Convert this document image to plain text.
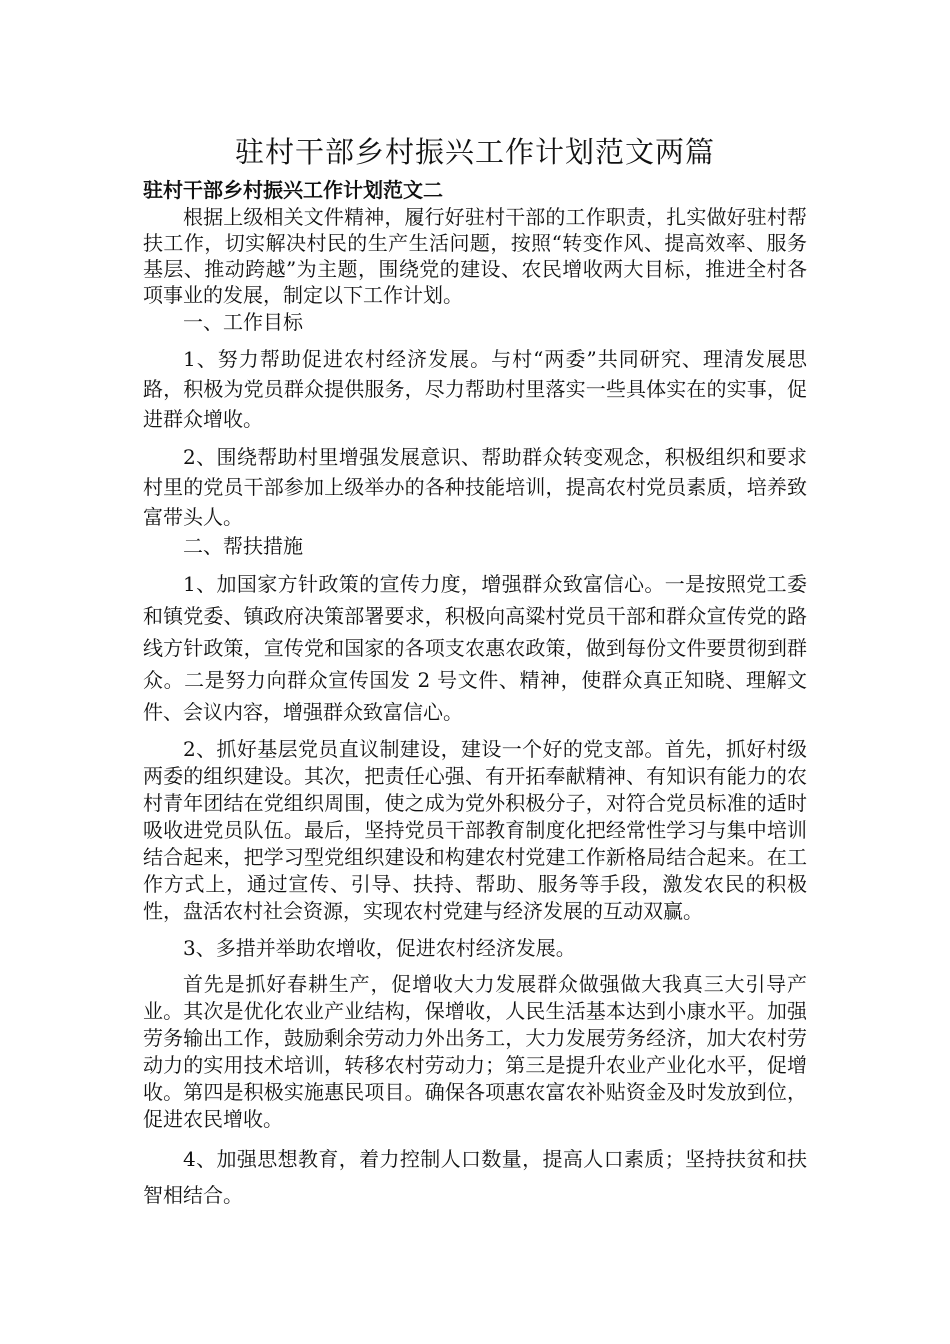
驻村干部乡村振兴工作计划范文两篇
驻村干部乡村振兴工作计划范文二

根据上级相关文件精神，履行好驻村干部的工作职责，扎实做好驻村帮扶工作，切实解决村民的生产生活问题，按照“转变作风、提高效率、服务基层、推动跨越”为主题，围绕党的建设、农民增收两大目标，推进全村各项事业的发展，制定以下工作计划。

一、工作目标

1、努力帮助促进农村经济发展。与村“两委”共同研究、理清发展思路，积极为党员群众提供服务，尽力帮助村里落实一些具体实在的实事，促进群众增收。

2、围绕帮助村里增强发展意识、帮助群众转变观念，积极组织和要求村里的党员干部参加上级举办的各种技能培训，提高农村党员素质，培养致富带头人。

二、帮扶措施

1、加国家方针政策的宣传力度，增强群众致富信心。一是按照党工委和镇党委、镇政府决策部署要求，积极向高粱村党员干部和群众宣传党的路线方针政策，宣传党和国家的各项支农惠农政策，做到每份文件要贯彻到群众。二是努力向群众宣传国发 2 号文件、精神，使群众真正知晓、理解文件、会议内容，增强群众致富信心。

2、抓好基层党员直议制建设，建设一个好的党支部。首先，抓好村级两委的组织建设。其次，把责任心强、有开拓奉献精神、有知识有能力的农村青年团结在党组织周围，使之成为党外积极分子，对符合党员标准的适时吸收进党员队伍。最后，坚持党员干部教育制度化把经常性学习与集中培训结合起来，把学习型党组织建设和构建农村党建工作新格局结合起来。在工作方式上，通过宣传、引导、扶持、帮助、服务等手段，激发农民的积极性，盘活农村社会资源，实现农村党建与经济发展的互动双赢。

3、多措并举助农增收，促进农村经济发展。

首先是抓好春耕生产，促增收大力发展群众做强做大我真三大引导产业。其次是优化农业产业结构，保增收，人民生活基本达到小康水平。加强劳务输出工作，鼓励剩余劳动力外出务工，大力发展劳务经济，加大农村劳动力的实用技术培训，转移农村劳动力；第三是提升农业产业化水平，促增收。第四是积极实施惠民项目。确保各项惠农富农补贴资金及时发放到位，促进农民增收。

4、加强思想教育，着力控制人口数量，提高人口素质；坚持扶贫和扶智相结合。
